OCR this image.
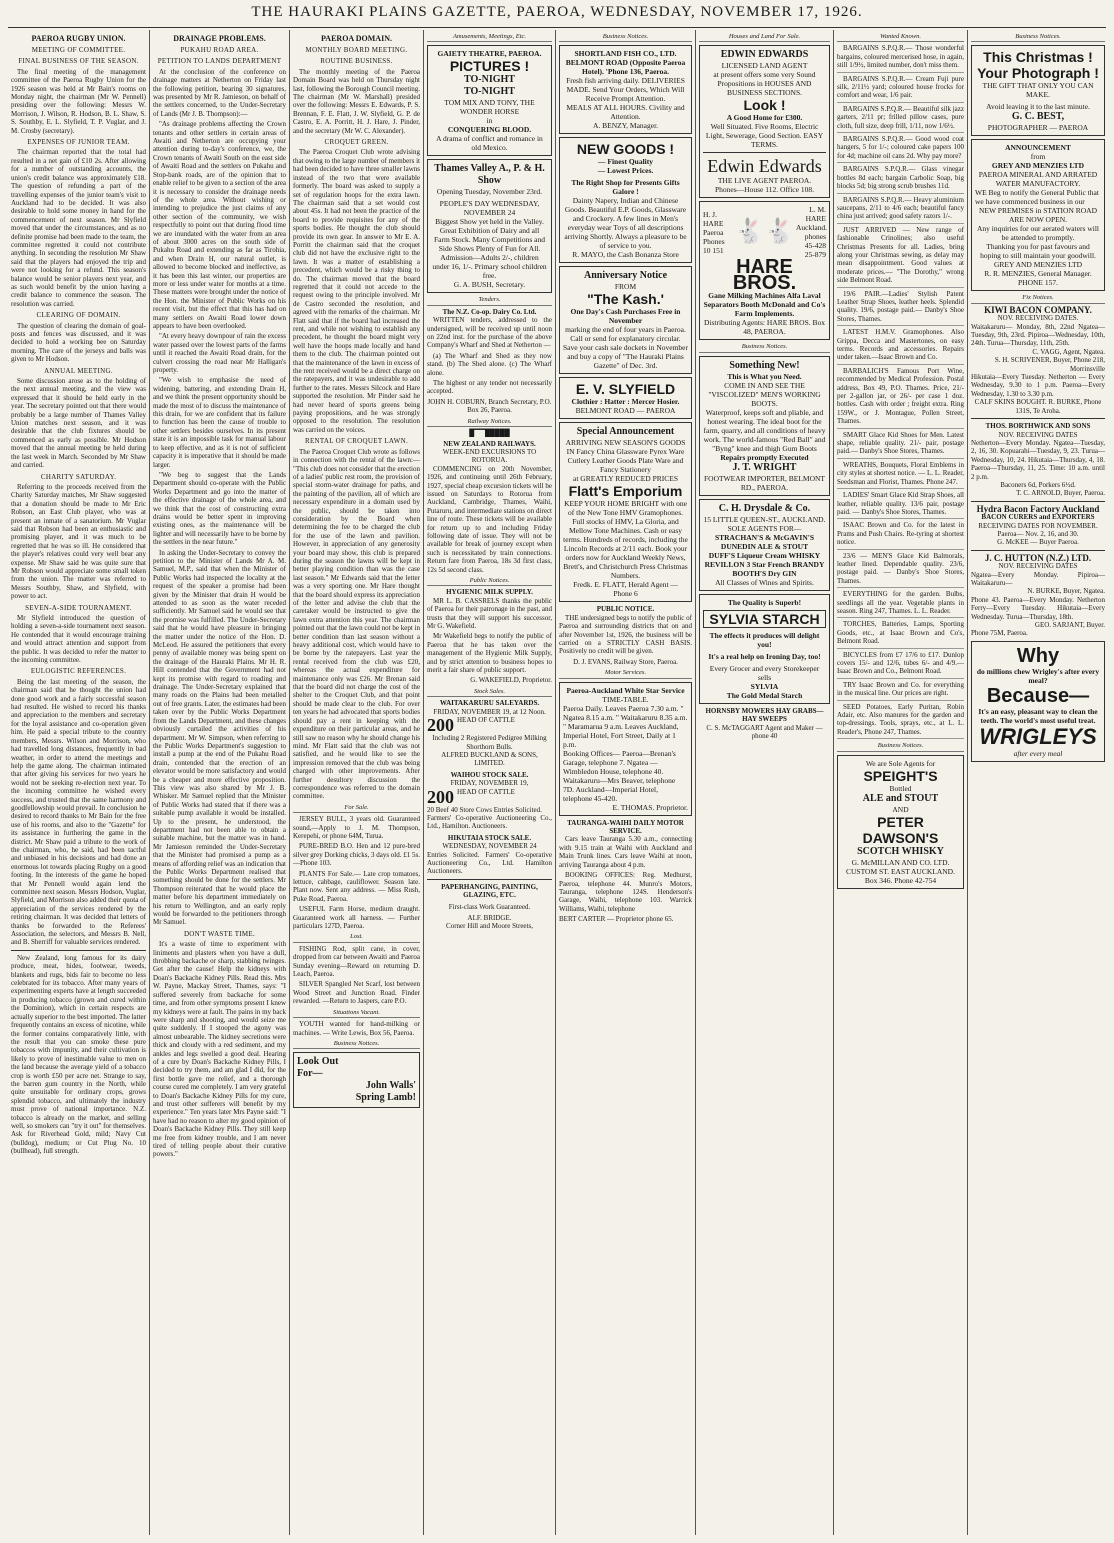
THE HAURAKI PLAINS GAZETTE, PAEROA, WEDNESDAY, NOVEMBER 17, 1926.
PAEROA RUGBY UNION.
MEETING OF COMMITTEE.
FINAL BUSINESS OF THE SEASON.

The final meeting of the management committee of the Paeroa Rugby Union for the 1926 season was held at Mr Bain's rooms on Monday night, the chairman (Mr W. Pennell) presiding over the following: Messrs W. Morrison, J. Wilson, R. Hodson, B. L. Shaw, S. S. Southby, E. L. Slyfield, T. P. Vuglar, and J. M. Crosby (secretary).

EXPENSES OF JUNIOR TEAM.

The chairman reported that the total had resulted in a net gain of £10 2s. After allowing for a number of outstanding accounts, the union's credit balance was approximately £18. The question of refunding a part of the travelling expenses of the junior team's visit to Auckland had to be decided. It was also desirable to hold some money in hand for the commencement of next season. Mr Slyfield moved that under the circumstances, and as no definite promise had been made to the team, the committee regretted it could not contribute anything. In seconding the resolution Mr Shaw said that the players had enjoyed the trip and were not looking for a refund. This season's balance would be senior players next year, and as such would benefit by the union having a credit balance to commence the season. The resolution was carried.

CLEARING OF DOMAIN.

The question of clearing the domain of goal-posts and fences was discussed, and it was decided to hold a working bee on Saturday morning. The care of the jerseys and balls was given to Mr Hodson.

ANNUAL MEETING.

Some discussion arose as to the holding of the next annual meeting, and the view was expressed that it should be held early in the year. The secretary pointed out that there would probably be a large number of Thames Valley Union matches next season, and it was desirable that the club fixtures should be commenced as early as possible. Mr Hodson moved that the annual meeting be held during the last week in March. Seconded by Mr Shaw and carried.

CHARITY SATURDAY.

Referring to the proceeds received from the Charity Saturday matches, Mr Shaw suggested that a donation should be made to Mr Eric Robson, an East Club player, who was at present an inmate of a sanatorium. Mr Vuglar said that Robson had been an enthusiastic and promising player, and it was much to be regretted that he was so ill. He considered that the player's relatives could very well bear any expense. Mr Shaw said he was quite sure that Mr Robson would appreciate some small token from the union. The matter was referred to Messrs Southby, Shaw, and Slyfield, with power to act.

SEVEN-A-SIDE TOURNAMENT.

Mr Slyfield introduced the question of holding a seven-a-side tournament next season. He contended that it would encourage training and would attract attention and support from the public. It was decided to refer the matter to the incoming committee.

EULOGISTIC REFERENCES.

Being the last meeting of the season, the chairman said that he thought the union had done good work and a fairly successful season had resulted. He wished to record his thanks and appreciation to the members and secretary for the loyal assistance and co-operation given him. He paid a special tribute to the country members, Messrs. Wilson and Morrison, who had travelled long distances, frequently in bad weather, in order to attend the meetings and help the game along. The chairman intimated that after giving his services for two years he would not be seeking re-election next year. To the incoming committee he wished every success, and trusted that the same harmony and goodfellowship would prevail. In conclusion he desired to record thanks to Mr Bain for the free use of his rooms, and also to the "Gazette" for its assistance in furthering the game in the district. Mr Shaw paid a tribute to the work of the chairman, who, he said, had been tactful and unbiased in his decisions and had done an enormous lot towards placing Rugby on a good footing. In the interests of the game he hoped that Mr Pennell would again lend the committee next season. Messrs Hodson, Vuglar, Slyfield, and Morrison also added their quota of appreciation of the services rendered by the retiring chairman. It was decided that letters of thanks be forwarded to the Referees' Association, the selectors, and Messrs B. Nell, and B. Sherriff for valuable services rendered.

New Zealand, long famous for its dairy produce, meat, hides, footwear, tweeds, blankets and rugs, bids fair to become no less celebrated for its tobacco. After many years of experimenting experts have at length succeeded in producing tobacco (grown and cured within the Dominion), which in certain respects are actually superior to the best imported. The latter frequently contains an excess of nicotine, while the former contains comparatively little, with the result that you can smoke these pure tobaccos with impunity, and their cultivation is likely to prove of inestimable value to men on the land because the average yield of a tobacco crop is worth £50 per acre net. Strange to say, the barren gum country in the North, while quite unsuitable for ordinary crops, grows splendid tobacco, and ultimately the industry must prove of national importance. N.Z. tobacco is already on the market, and selling well, so smokers can "try it out" for themselves. Ask for Riverhead Gold, mild; Navy Cut (bulldog), medium; or Cut Plug No. 10 (bullhead), full strength.

DRAINAGE PROBLEMS.
PUKAHU ROAD AREA.
PETITION TO LANDS DEPARTMENT

At the conclusion of the conference on drainage matters at Netherton on Friday last the following petition, bearing 30 signatures, was presented by Mr R. Jamieson, on behalf of the settlers concerned, to the Under-Secretary of Lands (Mr J. B. Thompson):—

"As drainage problems affecting the Crown tenants and other settlers in certain areas of Awaiti and Netherton are occupying your attention during to-day's conference, we, the Crown tenants of Awaiti South on the east side of Awaiti Road and the settlers on Pukahu and Stop-bank roads, are of the opinion that to enable relief to be given to a section of the area it is necessary to consider the drainage needs of the whole area. Without wishing or intending to prejudice the just claims of any other section of the community, we wish respectfully to point out that during flood time we are inundated with the water from an area of about 3000 acres on the south side of Pukahu Road and extending as far as Tirohia, and when Drain H, our natural outlet, is allowed to become blocked and ineffective, as it has been this last winter, our properties are more or less under water for months at a time. These matters were brought under the notice of the Hon. the Minister of Public Works on his recent visit, but the effect that this has had on many settlers on Awaiti Road lower down appears to have been overlooked.

"At every heavy downpour of rain the excess water passed over the lowest parts of the farms until it reached the Awaiti Road drain, for the culvert crossing the road near Mr Halligan's property.

"We wish to emphasise the need of widening, battering, and extending Drain H, and we think the present opportunity should be made the most of to discuss the maintenance of this drain, for we are confident that its failure to function has been the cause of trouble to other settlers besides ourselves. In its present state it is an impossible task for manual labour to keep effective, and as it is not of sufficient capacity it is imperative that it should be made larger.

"We beg to suggest that the Lands Department should co-operate with the Public Works Department and go into the matter of the effective drainage of the whole area, and we think that the cost of constructing extra drains would be better spent in improving existing ones, as the maintenance will be lighter and will necessarily have to be borne by the settlers in the near future."

In asking the Under-Secretary to convey the petition to the Minister of Lands Mr A. M. Samuel, M.P., said that when the Minister of Public Works had inspected the locality at the request of the speaker a promise had been given by the Minister that drain H would be attended to as soon as the water receded sufficiently. Mr Samuel said he would see that the promise was fulfilled. The Under-Secretary said that he would have pleasure in bringing the matter under the notice of the Hon. D. McLeod. He assured the petitioners that every penny of available money was being spent on the drainage of the Hauraki Plains. Mr H. R. Hill contended that the Government had not kept its promise with regard to roading and drainage. The Under-Secretary explained that many roads on the Plains had been metalled out of free grants. Later, the estimates had been taken over by the Public Works Department from the Lands Department, and these changes obviously curtailed the activities of his department. Mr W. Simpson, when referring to the Public Works Department's suggestion to install a pump at the end of the Pukahu Road drain, contended that the erection of an elevator would be more satisfactory and would be a cheaper and more effective proposition. This view was also shared by Mr J. B. Whisker. Mr Samuel replied that the Minister of Public Works had stated that if there was a suitable pump available it would be installed. Up to the present, he understood, the department had not been able to obtain a suitable machine, but the matter was in hand. Mr Jamieson reminded the Under-Secretary that the Minister had promised a pump as a means of affording relief was an indication that the Public Works Department realised that something should be done for the settlers. Mr Thompson reiterated that he would place the matter before his department immediately on his return to Wellington, and an early reply would be forwarded to the petitioners through Mr Samuel.

DON'T WASTE TIME.

It's a waste of time to experiment with liniments and plasters when you have a dull, throbbing backache or sharp, stabbing twinges. Get after the cause! Help the kidneys with Doan's Backache Kidney Pills. Read this. Mrs W. Payne, Mackay Street, Thames, says: "I suffered severely from backache for some time, and from other symptoms present I knew my kidneys were at fault. The pains in my back were sharp and shooting, and would seize me quite suddenly. If I stooped the agony was almost unbearable. The kidney secretions were thick and cloudy with a red sediment, and my ankles and legs swelled a good deal. Hearing of a cure by Doan's Backache Kidney Pills, I decided to try them, and am glad I did, for the first bottle gave me relief, and a thorough course cured me completely. I am very grateful to Doan's Backache Kidney Pills for my cure, and trust other sufferers will benefit by my experience." Ten years later Mrs Payne said: "I have had no reason to alter my good opinion of Doan's Backache Kidney Pills. They still keep me free from kidney trouble, and I am never tired of telling people about their curative powers."

PAEROA DOMAIN.
MONTHLY BOARD MEETING.
ROUTINE BUSINESS.

The monthly meeting of the Paeroa Domain Board was held on Thursday night last, following the Borough Council meeting. The chairman (Mr W. Marshall) presided over the following: Messrs E. Edwards, P. S. Brennan, F. E. Flatt, J. W. Slyfield, G. P. de Castro, E. A. Porritt, H. J. Hare, J. Pinder, and the secretary (Mr W. C. Alexander).

CROQUET GREEN.

The Paeroa Croquet Club wrote advising that owing to the large number of members it had been decided to have three smaller lawns instead of the two that were available formerly. The board was asked to supply a set of regulation hoops for the extra lawn. The chairman said that a set would cost about 45s. It had not been the practice of the board to provide requisites for any of the sports bodies. He thought the club should provide its own gear. In answer to Mr E. A. Porritt the chairman said that the croquet club did not have the exclusive right to the lawn. It was a matter of establishing a precedent, which would be a risky thing to do. The chairman moved that the board regretted that it could not accede to the request owing to the principle involved. Mr de Castro seconded the resolution, and agreed with the remarks of the chairman. Mr Flatt said that if the board had increased the rent, and while not wishing to establish any precedent, he thought the board might very well have the hoops made locally and hand them to the club. The chairman pointed out that the maintenance of the lawn in excess of the rent received would be a direct charge on the ratepayers, and it was undesirable to add further to the rates. Messrs Silcock and Hare supported the resolution. Mr Pinder said he had never heard of sports greens being paying propositions, and he was strongly opposed to the resolution. The resolution was carried on the voices.

RENTAL OF CROQUET LAWN.

The Paeroa Croquet Club wrote as follows in connection with the rental of the lawn:— "This club does not consider that the erection of a ladies' public rest room, the provision of special storm-water drainage for paths, and the painting of the pavilion, all of which are necessary expenditure in a domain used by the public, should be taken into consideration by the Board when determining the fee to be charged the club for the use of the lawn and pavilion. However, in appreciation of any generosity your board may show, this club is prepared during the season the lawns will be kept in better playing condition than was the case last season." Mr Edwards said that the letter was a very sporting one. Mr Hare thought that the board should express its appreciation of the letter and advise the club that the caretaker would be instructed to give the lawn extra attention this year. The chairman pointed out that the lawn could not be kept in better condition than last season without a heavy additional cost, which would have to be borne by the ratepayers. Last year the rental received from the club was £20, whereas the actual expenditure for maintenance only was £26. Mr Brenan said that the board did not charge the cost of the shelter to the Croquet Club, and that point should be made clear to the club. For over ten years he had advocated that sports bodies should pay a rent in keeping with the expenditure on their particular areas, and he still saw no reason why he should change his mind. Mr Flatt said that the club was not satisfied, and he would like to see the impression removed that the club was being charged with other improvements. After further desultory discussion the correspondence was referred to the domain committee.

For Sale.

JERSEY BULL, 3 years old. Guaranteed sound,—Apply to J. M. Thompson, Kerepehi, or phone 64M, Turua.

PURE-BRED B.O. Hen and 12 pure-bred silver grey Dorking chicks, 3 days old. £1 5s.—Phone 103.

PLANTS For Sale.— Late crop tomatoes, lettuce, cabbage, cauliflower. Season late. Plant now. Sent any address. — Miss Rush, Puke Road, Paeroa.

USEFUL Farm Horse, medium draught. Guaranteed work all harness. — Further particulars 127D, Paeroa.

Lost.

FISHING Rod, split cane, in cover, dropped from car between Awaiti and Paeroa Sunday evening—Reward on returning D. Leach, Paeroa.

SILVER Spangled Net Scarf, lost between Wood Street and Junction Road. Finder rewarded. —Return to Jaspers, care P.O.

Situations Vacant.

YOUTH wanted for hand-milking or machines. — Write Lewis, Box 56, Paeroa.

Business Notices.
Look Out
For—
John Walls'
Spring Lamb!
Amusements, Meetings, Etc.
GAIETY THEATRE, PAEROA.
PICTURES !
TO-NIGHT
TO-NIGHT
TOM MIX AND TONY, THE WONDER HORSE
in
CONQUERING BLOOD.
A drama of conflict and romance in old Mexico.
Thames Valley A., P. & H. Show
Opening Tuesday, November 23rd.
PEOPLE'S DAY WEDNESDAY, NOVEMBER 24
Biggest Show yet held in the Valley. Great Exhibition of Dairy and all Farm Stock. Many Competitions and Side Shows Plenty of Fun for All.
Admission—Adults 2/-, children under 16, 1/-. Primary school children free.
G. A. BUSH, Secretary.
Tenders.
The N.Z. Co-op. Dairy Co. Ltd.

WRITTEN tenders, addressed to the undersigned, will be received up until noon on 22nd inst. for the purchase of the above Company's Wharf and Shed at Netherton —

(a) The Wharf and Shed as they now stand. (b) The Shed alone. (c) The Wharf alone.

The highest or any tender not necessarily accepted.

JOHN H. COBURN, Branch Secretary, P.O. Box 26, Paeroa.
Railway Notices.
█▔▔█████
NEW ZEALAND RAILWAYS.
WEEK-END EXCURSIONS TO ROTORUA.

COMMENCING on 20th November, 1926, and continuing until 26th February, 1927, special cheap excursion tickets will be issued on Saturdays to Rotorua from Auckland, Cambridge, Thames, Waihi, Putaruru, and intermediate stations on direct line of route. These tickets will be available for return up to and including Friday following date of issue. They will not be available for break of journey except when such is necessitated by train connections. Return fare from Paeroa, 18s 3d first class, 12s 5d second class.

Public Notices.
HYGIENIC MILK SUPPLY.

MR L. B. CASSRELS thanks the public of Paeroa for their patronage in the past, and trusts that they will support his successor, Mr G. Wakefield.

Mr Wakefield begs to notify the public of Paeroa that he has taken over the management of the Hygienic Milk Supply, and by strict attention to business hopes to merit a fair share of public support.

G. WAKEFIELD, Proprietor.
Stock Sales.
WAITAKARURU SALEYARDS.
FRIDAY, NOVEMBER 19, at 12 Noon.
200 HEAD OF CATTLE
Including 2 Registered Pedigree Milking Shorthorn Bulls.
ALFRED BUCKLAND & SONS, LIMITED.
WAIHOU STOCK SALE.
FRIDAY, NOVEMBER 19,
200 HEAD OF CATTLE
20 Beef 40 Store Cows Entries Solicited.
Farmers' Co-operative Auctioneering Co., Ltd., Hamilton. Auctioneers.
HIKUTAIA STOCK SALE.
WEDNESDAY, NOVEMBER 24
Entries Solicited. Farmers' Co-operative Auctioneering Co., Ltd. Hamilton Auctioneers.
PAPERHANGING, PAINTING, GLAZING, ETC.
First-class Work Guaranteed.
ALF. BRIDGE.
Corner Hill and Moore Streets,
Business Notices.
SHORTLAND FISH CO., LTD. BELMONT ROAD (Opposite Paeroa Hotel). 'Phone 136, Paeroa.
Fresh fish arriving daily. DELIVERIES MADE. Send Your Orders, Which Will Receive Prompt Attention.
MEALS AT ALL HOURS. Civility and Attention.
A. BENZY, Manager.
NEW GOODS !
— Finest Quality
— Lowest Prices.
The Right Shop for Presents Gifts Galore !
Dainty Napery, Indian and Chinese Goods. Beautiful E.P. Goods, Glassware and Crockery. A few lines in Men's everyday wear Toys of all descriptions arriving Shortly. Always a pleasure to be of service to you.
R. MAYO, the Cash Bonanza Store
Anniversary Notice
FROM
"The Kash.'
One Day's Cash Purchases Free in November
marking the end of four years in Paeroa.
Call or send for explanatory circular.
Save your cash sale dockets in November and buy a copy of "The Hauraki Plains Gazette" of Dec. 3rd.
E. V. SLYFIELD
Clothier : Hatter : Mercer Hosier.
BELMONT ROAD — PAEROA
Special Announcement
ARRIVING NEW SEASON'S GOODS IN Fancy China Glassware Pyrex Ware Cutlery Leather Goods Plate Ware and Fancy Stationery
at GREATLY REDUCED PRICES
Flatt's Emporium
KEEP YOUR HOME BRIGHT with one of the New Tone HMV Gramophones. Full stocks of HMV, La Gloria, and Mellow Tone Machines. Cash or easy terms. Hundreds of records, including the Lincoln Records at 2/11 each. Book your orders now for Auckland Weekly News, Brett's, and Christchurch Press Christmas Numbers.
Fredk. E. FLATT, Herald Agent — Phone 6
PUBLIC NOTICE.

THE undersigned begs to notify the public of Paeroa and surrounding districts that on and after November 1st, 1926, the business will be carried on a STRICTLY CASH BASIS. Positively no credit will be given.

D. J. EVANS, Railway Store, Paeroa.
Motor Services.
Paeroa-Auckland White Star Service
TIME-TABLE.
Paeroa Daily. Leaves Paeroa 7.30 a.m. " Ngatea 8.15 a.m. " Waitakaruru 8.35 a.m. " Maramarua 9 a.m. Leaves Auckland, Imperial Hotel, Fort Street, Daily at 1 p.m.
Booking Offices— Paeroa—Brenan's Garage, telephone 7. Ngatea — Wimbledon House, telephone 40. Waitakaruru—Mrs Beaver, telephone 7D. Auckland—Imperial Hotel, telephone 45-420.
E. THOMAS. Proprietor.
TAURANGA-WAIHI DAILY MOTOR SERVICE.

Cars leave Tauranga 5.30 a.m., connecting with 9.15 train at Waihi with Auckland and Main Trunk lines. Cars leave Waihi at noon, arriving Tauranga about 4 p.m.

BOOKING OFFICES: Reg. Medhurst, Paeroa, telephone 44. Munro's Motors, Tauranga, telephone 124S. Henderson's Garage, Waihi, telephone 103. Warrick Williams, Waihi, telephone

BERT CARTER — Proprietor phone 65.
Houses and Land For Sale.
EDWIN EDWARDS
LICENSED LAND AGENT
at present offers some very Sound Propositions in HOUSES AND BUSINESS SECTIONS.
Look !
A Good Home for £300.
Well Situated. Five Rooms, Electric Light, Sewerage, Good Section. EASY TERMS.
Edwin Edwards
THE LIVE AGENT PAEROA.
Phones—House 112. Office 108.
H. J. HARE Paeroa Phones 10 151
🐇🐇
L. M. HARE Auckland. phones 45-428 25-879
HARE BROS.
Gane Milking Machines Alfa Laval Separators Booth McDonald and Co's Farm Implements.
Distributing Agents: HARE BROS. Box 48, PAEROA.
Business Notices.
Something New!
This is What you Need.
COME IN AND SEE THE "VISCOLIZED" MEN'S WORKING BOOTS.
Waterproof, keeps soft and pliable, and honest wearing. The ideal boot for the farm, quarry, and all conditions of heavy work. The world-famous "Red Ball" and "Byng" knee and thigh Gum Boots
Repairs promptly Executed
J. T. WRIGHT
FOOTWEAR IMPORTER, BELMONT RD., PAEROA.
C. H. Drysdale & Co.
15 LITTLE QUEEN-ST., AUCKLAND.
SOLE AGENTS FOR—
STRACHAN'S & McGAVIN'S DUNEDIN ALE & STOUT
DUFF'S Liqueur Cream WHISKY
REVILLON 3 Star French BRANDY
BOOTH'S Dry GIN
All Classes of Wines and Spirits.
The Quality is Superb!
SYLVIA STARCH
The effects it produces will delight you!
It's a real help on Ironing Day, too!
Every Grocer and every Storekeeper sells
SYLVIA
The Gold Medal Starch
HORNSBY MOWERS HAY GRABS—HAY SWEEPS
C. S. McTAGGART Agent and Maker — phone 40
Wanted Known.

BARGAINS S.P.Q.R.— Those wonderful bargains, coloured mercerised hose, in again, still 1/9½, limited number, don't miss them.

BARGAINS S.P.Q.R.— Cream Fuji pure silk, 2/11½ yard; coloured house frocks for comfort and wear, 1/6 pair.

BARGAINS S.P.Q.R.— Beautiful silk jazz garters, 2/11 pr; frilled pillow cases, pure cloth, full size, deep frill, 1/11, now 1/6½.

BARGAINS S.P.Q.R.— Good wood coat hangers, 5 for 1/-; coloured cake papers 100 for 4d; machine oil cans 2d. Why pay more?

BARGAINS S.P.Q.R.— Glass vinegar bottles 8d each; bargain Carbolic Soap, big blocks 5d; big strong scrub brushes 11d.

BARGAINS S.P.Q.R.— Heavy aluminium saucepans, 2/11 to 4/6 each; beautiful fancy china just arrived; good safety razors 1/-.

JUST ARRIVED — New range of fashionable Crinolines; also useful Christmas Presents for all. Ladies, bring along your Christmas sewing, as delay may mean disappointment. Good values at moderate prices.— "The Dorothy," wrong side Belmont Road.

19/6 PAIR.—Ladies' Stylish Patent Leather Strap Shoes, leather heels. Splendid quality. 19/6, postage paid.— Danby's Shoe Stores, Thames.

LATEST H.M.V. Gramophones. Also Grippa, Decca and Mastertones, on easy terms. Records and accessories. Repairs under taken.—Isaac Brown and Co.

BARBALICH'S Famous Port Wine, recommended by Medical Profession. Postal address, Box 49, P.O. Thames. Price, 21/- per 2-gallon jar, or 26/- per case 1 doz. bottles. Cash with order ; freight extra. Ring 159W., or J. Montague, Pollen Street, Thames.

SMART Glace Kid Shoes for Men. Latest shape, reliable quality. 21/- pair, postage paid.— Danby's Shoe Stores, Thames.

WREATHS, Bouquets, Floral Emblems in city styles at shortest notice. — L. L. Reader, Seedsman and Florist, Thames. Phone 247.

LADIES' Smart Glace Kid Strap Shoes, all leather, reliable quality. 13/6 pair, postage paid. — Danby's Shoe Stores, Thames.

ISAAC Brown and Co. for the latest in Prams and Push Chairs. Re-tyring at shortest notice.

23/6 — MEN'S Glace Kid Balmorals, leather lined. Dependable quality. 23/6, postage paid. — Danby's Shoe Stores, Thames.

EVERYTHING for the garden. Bulbs, seedlings all the year. Vegetable plants in season. Ring 247, Thames. L. L. Reader.

TORCHES, Batteries, Lamps, Sporting Goods, etc., at Isaac Brown and Co's, Belmont Road.

BICYCLES from £7 17/6 to £17. Dunlop covers 15/- and 12/6, tubes 6/- and 4/9.—Isaac Brown and Co., Belmont Road.

TRY Isaac Brown and Co. for everything in the musical line. Our prices are right.

SEED Potatoes, Early Puritan, Robin Adair, etc. Also manures for the garden and top-dressings. Tools, sprays, etc., at L. L. Reader's, Phone 247, Thames.

Business Notices.
We are Sole Agents for
SPEIGHT'S
Bottled
ALE and STOUT
AND
PETER DAWSON'S
SCOTCH WHISKY
G. McMILLAN AND CO. LTD.
CUSTOM ST. EAST AUCKLAND.
Box 346. Phone 42-754
Business Notices.
This Christmas !
Your Photograph !
THE GIFT THAT ONLY YOU CAN MAKE.
Avoid leaving it to the last minute.
G. C. BEST,
PHOTOGRAPHER — PAEROA
ANNOUNCEMENT
from
GREY AND MENZIES LTD
PAEROA MINERAL AND ARRATED WATER MANUFACTORY.
WE Beg to notify the General Public that we have commenced business in our
NEW PREMISES in STATION ROAD ARE NOW OPEN.
Any inquiries for our aerated waters will be attended to promptly.
Thanking you for past favours and hoping to still maintain your goodwill.
GREY AND MENZIES LTD
R. R. MENZIES, General Manager.
PHONE 157.
Fix Notices.
KIWI BACON COMPANY.
NOV. RECEIVING DATES.
Waitakaruru— Monday, 8th, 22nd Ngatea—Tuesday, 9th, 23rd. Pipiroa—Wednesday, 10th, 24th. Turua—Thursday, 11th, 25th.
C. VAGG, Agent, Ngatea.
S. H. SCRIVENER, Buyer, Phone 218, Morrinsville
Hikutaia—Every Tuesday. Netherton — Every Wednesday, 9.30 to 1 p.m. Paeroa—Every Wednesday, 1.30 to 3.30 p.m.
CALF SKINS BOUGHT. R. BURKE, Phone 131S, Te Aroha.
THOS. BORTHWICK AND SONS
NOV. RECEIVING DATES
Netherton—Every Monday. Ngatea—Tuesday, 2, 16, 30. Kopuarahi—Tuesday, 9, 23. Turua—Wednesday, 10, 24. Hikutaia—Thursday, 4, 18. Paeroa—Thursday, 11, 25. Time: 10 a.m. until 2 p.m.
Baconers 6d, Porkers 6½d.
T. C. ARNOLD, Buyer, Paeroa.
Hydra Bacon Factory Auckland
BACON CURERS and EXPORTERS
RECEIVING DATES FOR NOVEMBER.
Paeroa— Nov. 2, 16, and 30.
G. McKEE — Buyer Paeroa.
J. C. HUTTON (N.Z.) LTD.
NOV. RECEIVING DATES
Ngatea—Every Monday. Pipiroa— Waitakaruru—
N. BURKE, Buyer, Ngatea.
Phone 43. Paeroa—Every Monday. Netherton Ferry—Every Tuesday. Hikutaia—Every Wednesday. Turua—Thursday, 18th.
GEO. SARJANT, Buyer.
Phone 75M, Paeroa.
Why
do millions chew Wrigley's after every meal?
Because—
It's an easy, pleasant way to clean the teeth. The world's most useful treat.
WRIGLEYS
after every meal
